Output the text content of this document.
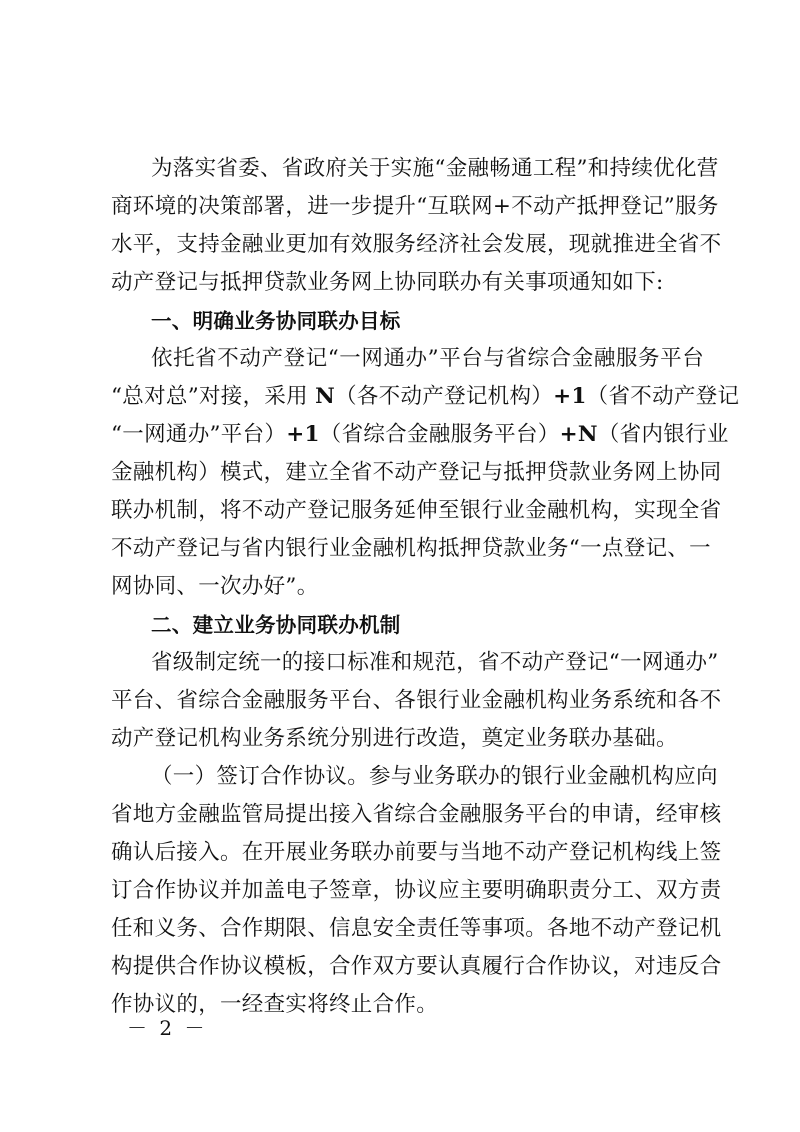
为落实省委、省政府关于实施“金融畅通工程”和持续优化营
商环境的决策部署，进一步提升“互联网+不动产抵押登记”服务
水平，支持金融业更加有效服务经济社会发展，现就推进全省不
动产登记与抵押贷款业务网上协同联办有关事项通知如下:
一、明确业务协同联办目标
依托省不动产登记“一网通办”平台与省综合金融服务平台
“总对总”对接，采用 N（各不动产登记机构）+1（省不动产登记
“一网通办”平台）+1（省综合金融服务平台）+N（省内银行业
金融机构）模式，建立全省不动产登记与抵押贷款业务网上协同
联办机制，将不动产登记服务延伸至银行业金融机构，实现全省
不动产登记与省内银行业金融机构抵押贷款业务“一点登记、一
网协同、一次办好”。
二、建立业务协同联办机制
省级制定统一的接口标准和规范，省不动产登记“一网通办”
平台、省综合金融服务平台、各银行业金融机构业务系统和各不
动产登记机构业务系统分别进行改造，奠定业务联办基础。
（一）签订合作协议。参与业务联办的银行业金融机构应向
省地方金融监管局提出接入省综合金融服务平台的申请，经审核
确认后接入。在开展业务联办前要与当地不动产登记机构线上签
订合作协议并加盖电子签章，协议应主要明确职责分工、双方责
任和义务、合作期限、信息安全责任等事项。各地不动产登记机
构提供合作协议模板，合作双方要认真履行合作协议，对违反合
作协议的，一经查实将终止合作。
－ 2 －
